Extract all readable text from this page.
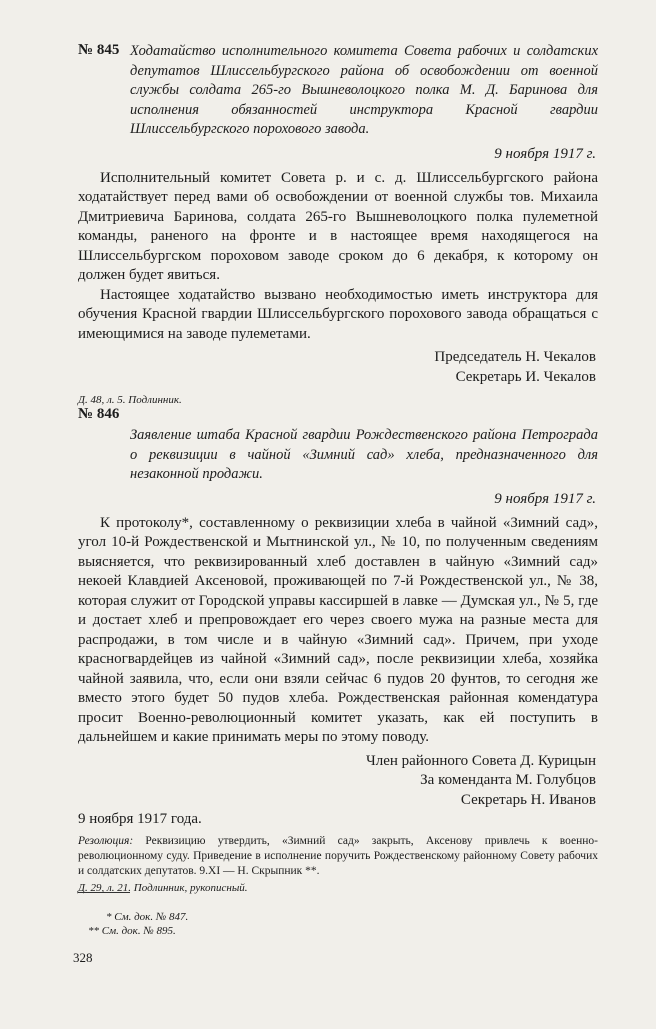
№ 845 Ходатайство исполнительного комитета Совета рабочих и солдатских депутатов Шлиссельбургского района об освобождении от военной службы солдата 265-го Вышневолоцкого полка М. Д. Баринова для исполнения обязанностей инструктора Красной гвардии Шлиссельбургского порохового завода.

9 ноября 1917 г.

Исполнительный комитет Совета р. и с. д. Шлиссельбургского района ходатайствует перед вами об освобождении от военной службы тов. Михаила Дмитриевича Баринова, солдата 265-го Вышневолоцкого полка пулеметной команды, раненого на фронте и в настоящее время находящегося на Шлиссельбургском пороховом заводе сроком до 6 декабря, к которому он должен будет явиться.

Настоящее ходатайство вызвано необходимостью иметь инструктора для обучения Красной гвардии Шлиссельбургского порохового завода обращаться с имеющимися на заводе пулеметами.

Председатель Н. Чекалов

Секретарь И. Чекалов

Д. 48, л. 5. Подлинник.

№ 846

Заявление штаба Красной гвардии Рождественского района Петрограда о реквизиции в чайной «Зимний сад» хлеба, предназначенного для незаконной продажи.

9 ноября 1917 г.

К протоколу*, составленному о реквизиции хлеба в чайной «Зимний сад», угол 10-й Рождественской и Мытнинской ул., № 10, по полученным сведениям выясняется, что реквизированный хлеб доставлен в чайную «Зимний сад» некоей Клавдией Аксеновой, проживающей по 7-й Рождественской ул., № 38, которая служит от Городской управы кассиршей в лавке — Думская ул., № 5, где и достает хлеб и препровождает его через своего мужа на разные места для распродажи, в том числе и в чайную «Зимний сад». Причем, при уходе красногвардейцев из чайной «Зимний сад», после реквизиции хлеба, хозяйка чайной заявила, что, если они взяли сейчас 6 пудов 20 фунтов, то сегодня же вместо этого будет 50 пудов хлеба. Рождественская районная комендатура просит Военно-революционный комитет указать, как ей поступить в дальнейшем и какие принимать меры по этому поводу.

Член районного Совета Д. Курицын

За коменданта М. Голубцов

Секретарь Н. Иванов

9 ноября 1917 года.

Резолюция: Реквизицию утвердить, «Зимний сад» закрыть, Аксенову привлечь к военно-революционному суду. Приведение в исполнение поручить Рождественскому районному Совету рабочих и солдатских депутатов. 9.XI — Н. Скрыпник **.

Д. 29, л. 21. Подлинник, рукописный.

* См. док. № 847.
** См. док. № 895.
328
